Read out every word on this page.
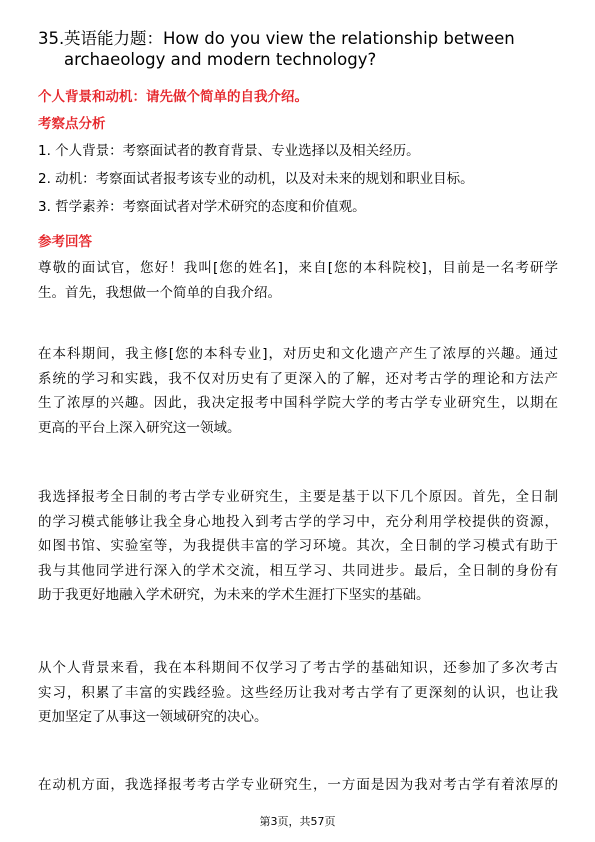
35.英语能力题：How do you view the relationship between
archaeology and modern technology?
个人背景和动机：请先做个简单的自我介绍。
考察点分析
1. 个人背景：考察面试者的教育背景、专业选择以及相关经历。
2. 动机：考察面试者报考该专业的动机，以及对未来的规划和职业目标。
3. 哲学素养：考察面试者对学术研究的态度和价值观。
参考回答
尊敬的面试官，您好！我叫[您的姓名]，来自[您的本科院校]，目前是一名考研学
生。首先，我想做一个简单的自我介绍。
在本科期间，我主修[您的本科专业]，对历史和文化遗产产生了浓厚的兴趣。通过
系统的学习和实践，我不仅对历史有了更深入的了解，还对考古学的理论和方法产
生了浓厚的兴趣。因此，我决定报考中国科学院大学的考古学专业研究生，以期在
更高的平台上深入研究这一领域。
我选择报考全日制的考古学专业研究生，主要是基于以下几个原因。首先，全日制
的学习模式能够让我全身心地投入到考古学的学习中，充分利用学校提供的资源，
如图书馆、实验室等，为我提供丰富的学习环境。其次，全日制的学习模式有助于
我与其他同学进行深入的学术交流，相互学习、共同进步。最后，全日制的身份有
助于我更好地融入学术研究，为未来的学术生涯打下坚实的基础。
从个人背景来看，我在本科期间不仅学习了考古学的基础知识，还参加了多次考古
实习，积累了丰富的实践经验。这些经历让我对考古学有了更深刻的认识，也让我
更加坚定了从事这一领域研究的决心。
在动机方面，我选择报考考古学专业研究生，一方面是因为我对考古学有着浓厚的
第3页，共57页
